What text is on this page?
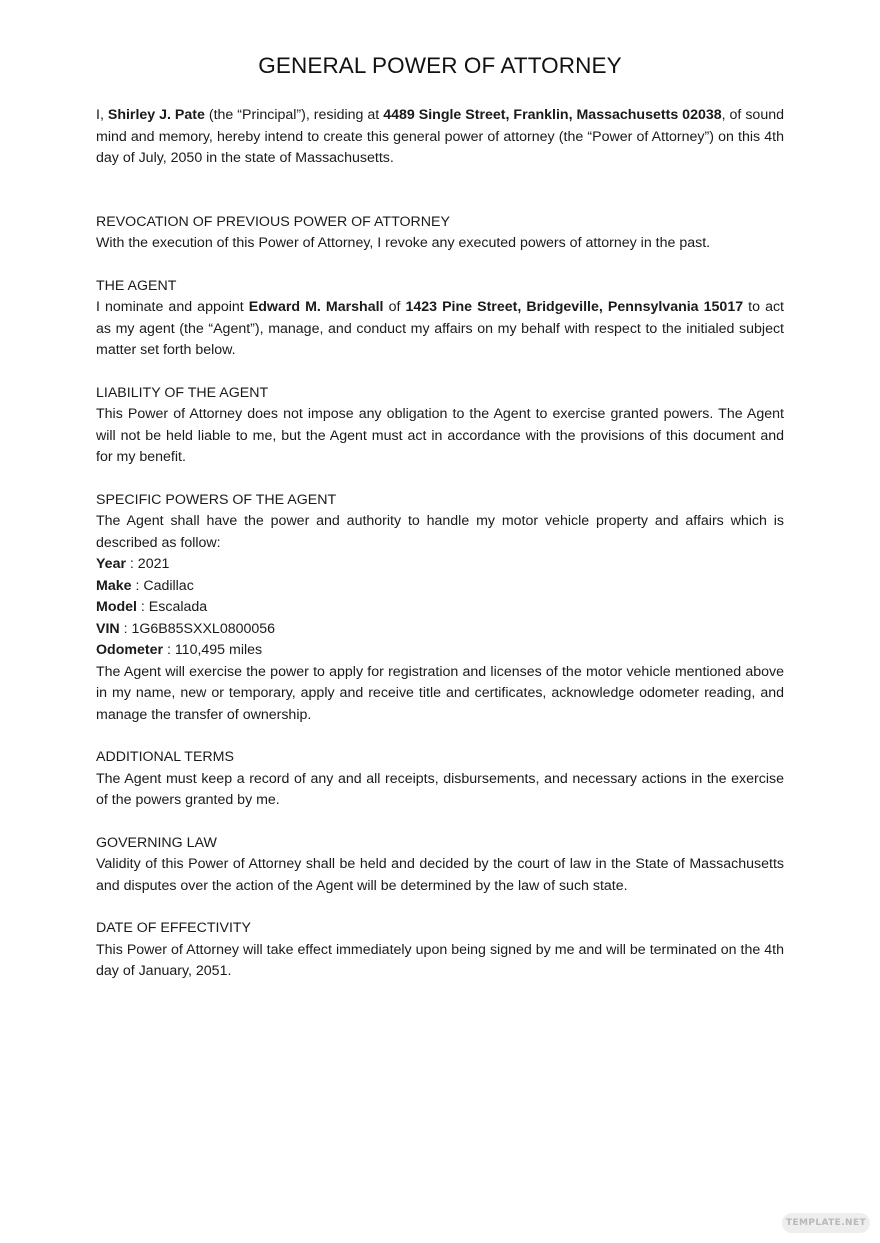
GENERAL POWER OF ATTORNEY

I, Shirley J. Pate (the “Principal”), residing at 4489 Single Street, Franklin, Massachusetts 02038, of sound mind and memory, hereby intend to create this general power of attorney (the “Power of Attorney”) on this 4th day of July, 2050 in the state of Massachusetts.

REVOCATION OF PREVIOUS POWER OF ATTORNEY

With the execution of this Power of Attorney, I revoke any executed powers of attorney in the past.

THE AGENT

I nominate and appoint Edward M. Marshall of 1423 Pine Street, Bridgeville, Pennsylvania 15017 to act as my agent (the “Agent”), manage, and conduct my affairs on my behalf with respect to the initialed subject matter set forth below.

LIABILITY OF THE AGENT

This Power of Attorney does not impose any obligation to the Agent to exercise granted powers. The Agent will not be held liable to me, but the Agent must act in accordance with the provisions of this document and for my benefit.

SPECIFIC POWERS OF THE AGENT

The Agent shall have the power and authority to handle my motor vehicle property and affairs which is described as follow:

Year : 2021

Make : Cadillac

Model : Escalada

VIN : 1G6B85SXXL0800056

Odometer : 110,495 miles

The Agent will exercise the power to apply for registration and licenses of the motor vehicle mentioned above in my name, new or temporary, apply and receive title and certificates, acknowledge odometer reading, and manage the transfer of ownership.

ADDITIONAL TERMS

The Agent must keep a record of any and all receipts, disbursements, and necessary actions in the exercise of the powers granted by me.

GOVERNING LAW

Validity of this Power of Attorney shall be held and decided by the court of law in the State of Massachusetts and disputes over the action of the Agent will be determined by the law of such state.

DATE OF EFFECTIVITY

This Power of Attorney will take effect immediately upon being signed by me and will be terminated on the 4th day of January, 2051.

TEMPLATE.NET
